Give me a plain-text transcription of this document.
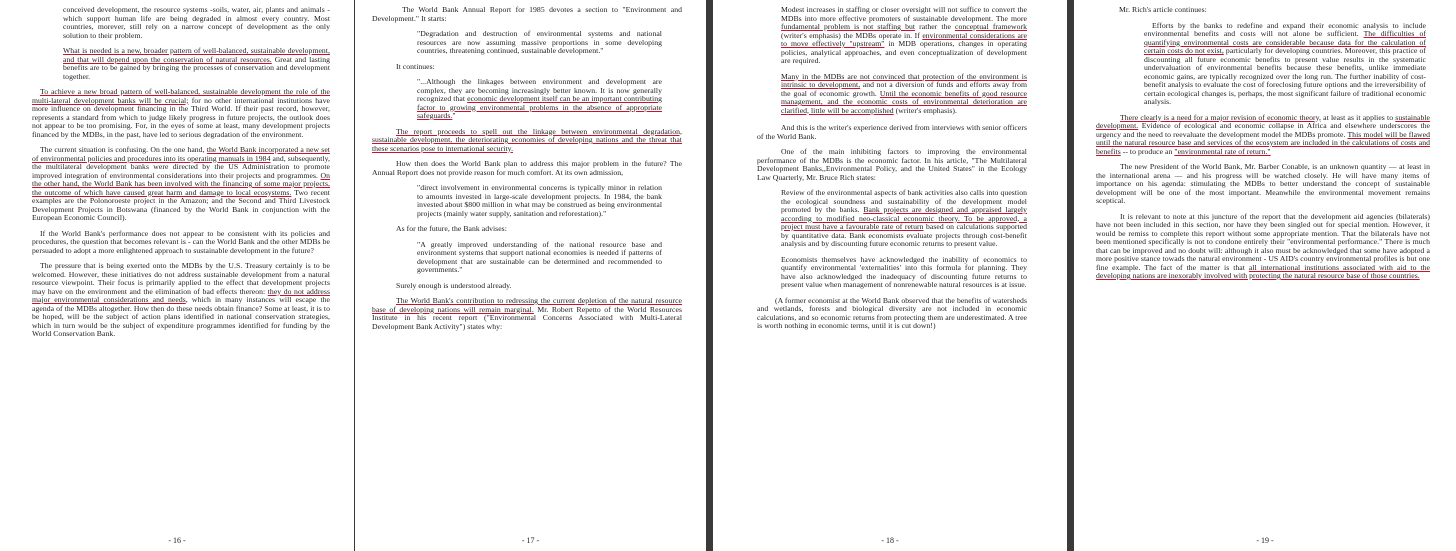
conceived development, the resource systems -soils, water, air, plants and animals - which support human life are being degraded in almost every country. Most countries, morever, still rely on a narrow concept of development as the only solution to their problem.

What is needed is a new, broader pattern of well-balanced, sustainable development, and that will depend upon the conservation of natural resources. Great and lasting benefits are to be gained by bringing the processes of conservation and development together.

To achieve a new broad pattern of well-balanced, sustainable development the role of the multi-lateral development banks will be crucial; for no other international institutions have more influence on development financing in the Third World. If their past record, however, represents a standard from which to judge likely progress in future projects, the outlook does not appear to be too promising. For, in the eyes of some at least, many development projects financed by the MDBs, in the past, have led to serious degradation of the environment.

The current situation is confusing. On the one hand, the World Bank incorporated a new set of environmental policies and procedures into its operating manuals in 1984 and, subsequently, the multilateral development banks were directed by the US Administration to promote improved integration of environmental considerations into their projects and programmes. On the other hand, the World Bank has been involved with the financing of some major projects, the outcome of which have caused great harm and damage to local ecosystems. Two recent examples are the Polonoroeste project in the Amazon; and the Second and Third Livestock Development Projects in Botswana (financed by the World Bank in conjunction with the European Economic Council).

If the World Bank's performance does not appear to be consistent with its policies and procedures, the question that becomes relevant is - can the World Bank and the other MDBs be persuaded to adopt a more enlightened approach to sustainable development in the future?

The pressure that is being exerted onto the MDBs by the U.S. Treasury certainly is to be welcomed. However, these initiatives do not address sustainable development from a natural resource viewpoint. Their focus is primarily applied to the effect that development projects may have on the environment and the elimination of bad effects thereon: they do not address major environmental considerations and needs, which in many instances will escape the agenda of the MDBs altogether. How then do these needs obtain finance? Some at least, it is to be hoped, will be the subject of action plans identified in national conservation strategies, which in turn would be the subject of expenditure programmes identified for funding by the World Conservation Bank.

- 16 -

The World Bank Annual Report for 1985 devotes a section to "Environment and Development." It starts:

"Degradation and destruction of environmental systems and national resources are now assuming massive proportions in some developing countries, threatening continued, sustainable development."

It continues:

"...Although the linkages between environment and development are complex, they are becoming increasingly better known. It is now generally recognized that economic development itself can be an important contributing factor to growing environmental problems in the absence of appropriate safeguards."

The report proceeds to spell out the linkage between environmental degradation, sustainable development, the deteriorating economies of developing nations and the threat that these scenarios pose to international security.

How then does the World Bank plan to address this major problem in the future? The Annual Report does not provide reason for much comfort. At its own admission,

"direct involvement in environmental concerns is typically minor in relation to amounts invested in large-scale development projects. In 1984, the bank invested about $800 million in what may be construed as being environmental projects (mainly water supply, sanitation and reforestation)."

As for the future, the Bank advises:

"A greatly improved understanding of the national resource base and environment systems that support national economies is needed if patterns of development that are sustainable can be determined and recommended to governments."

Surely enough is understood already.

The World Bank's contribution to redressing the current depletion of the natural resource base of developing nations will remain marginal. Mr. Robert Repetto of the World Resources Institute in his recent report ("Environmental Concerns Associated with Multi-Lateral Development Bank Activity") states why:

- 17 -

Modest increases in staffing or closer oversight will not suffice to convert the MDBs into more effective promoters of sustainable development. The more fundamental problem is not staffing but rather the conceptual framework (writer's emphasis) the MDBs operate in. If environmental considerations are to move effectively "upstream" in MDB operations, changes in operating policies, analytical approaches, and even conceptualization of development are required.

Many in the MDBs are not convinced that protection of the environment is intrinsic to development, and not a diversion of funds and efforts away from the goal of economic growth. Until the economic benefits of good resource management, and the economic costs of environmental deterioration are clarified, little will be accomplished (writer's emphasis).

And this is the writer's experience derived from interviews with senior officers of the World Bank.

One of the main inhibiting factors to improving the environmental performance of the MDBs is the economic factor. In his article, "The Multilateral Development Banks,,Environmental Policy, and the United States" in the Ecology Law Quarterly, Mr. Bruce Rich states:

Review of the environmental aspects of bank activities also calls into question the ecological soundness and sustainability of the development model promoted by the banks. Bank projects are designed and appraised largely according to modified neo-classical economic theory. To be approved, a project must have a favourable rate of return based on calculations supported by quantitative data. Bank economists evaluate projects through cost-benefit analysis and by discounting future economic returns to present value.

Economists themselves have acknowledged the inability of economics to quantify environmental 'externalities' into this formula for planning. They have also acknowledged the inadequacy of discounting future returns to present value when management of nonrenewable natural resources is at issue.

(A former economist at the World Bank observed that the benefits of watersheds and wetlands, forests and biological diversity are not included in economic calculations, and so economic returns from protecting them are underestimated. A tree is worth nothing in economic terms, until it is cut down!)

- 18 -

Mr. Rich's article continues:

Efforts by the banks to redefine and expand their economic analysis to include environmental benefits and costs will not alone be sufficient. The difficulties of quantifying environmental costs are considerable because data for the calculation of certain costs do not exist, particularly for developing countries. Moreover, this practice of discounting all future economic benefits to present value results in the systematic undervaluation of environmental benefits because these benefits, unlike immediate economic gains, are typically recognized over the long run. The further inability of cost-benefit analysis to evaluate the cost of foreclosing future options and the irreversibility of certain ecological changes is, perhaps, the most significant failure of traditional economic analysis.

There clearly is a need for a major revision of economic theory, at least as it applies to sustainable development. Evidence of ecological and economic collapse in Africa and elsewhere underscores the urgency and the need to reevaluate the development model the MDBs promote. This model will be flawed until the natural resource base and services of the ecosystem are included in the calculations of costs and benefits -- to produce an "environmental rate of return."

The new President of the World Bank, Mr. Barber Conable, is an unknown quantity — at least in the international arena — and his progress will be watched closely. He will have many items of importance on his agenda: stimulating the MDBs to better understand the concept of sustainable development will be one of the most important. Meanwhile the environmental movement remains sceptical.

It is relevant to note at this juncture of the report that the development aid agencies (bilaterals) have not been included in this section, nor have they been singled out for special mention. However, it would be remiss to complete this report without some appropriate mention. That the bilaterals have not been mentioned specifically is not to condone entirely their "environmental performance." There is much that can be improved and no doubt will: although it also must be acknowledged that some have adopted a more positive stance towads the natural environment - US AID's country environmental profiles is but one fine example. The fact of the matter is that all international institutions associated with aid to the developing nations are inexorably involved with protecting the natural resource base of those countries.

- 19 -
